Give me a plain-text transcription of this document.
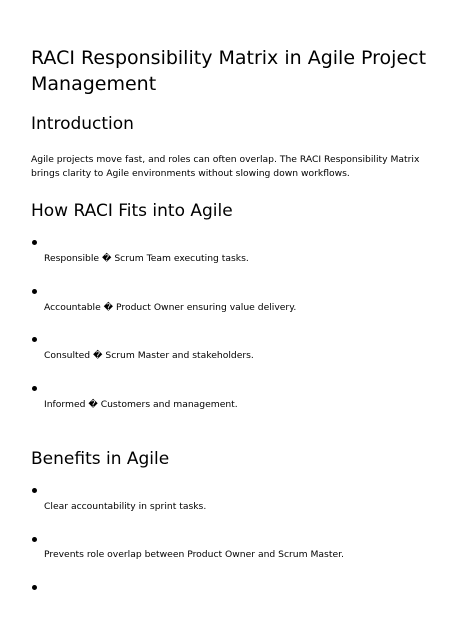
RACI Responsibility Matrix in Agile Project Management
Introduction

Agile projects move fast, and roles can often overlap. The RACI Responsibility Matrix brings clarity to Agile environments without slowing down workflows.

How RACI Fits into Agile
Responsible � Scrum Team executing tasks.
Accountable � Product Owner ensuring value delivery.
Consulted � Scrum Master and stakeholders.
Informed � Customers and management.
Benefits in Agile
Clear accountability in sprint tasks.
Prevents role overlap between Product Owner and Scrum Master.
